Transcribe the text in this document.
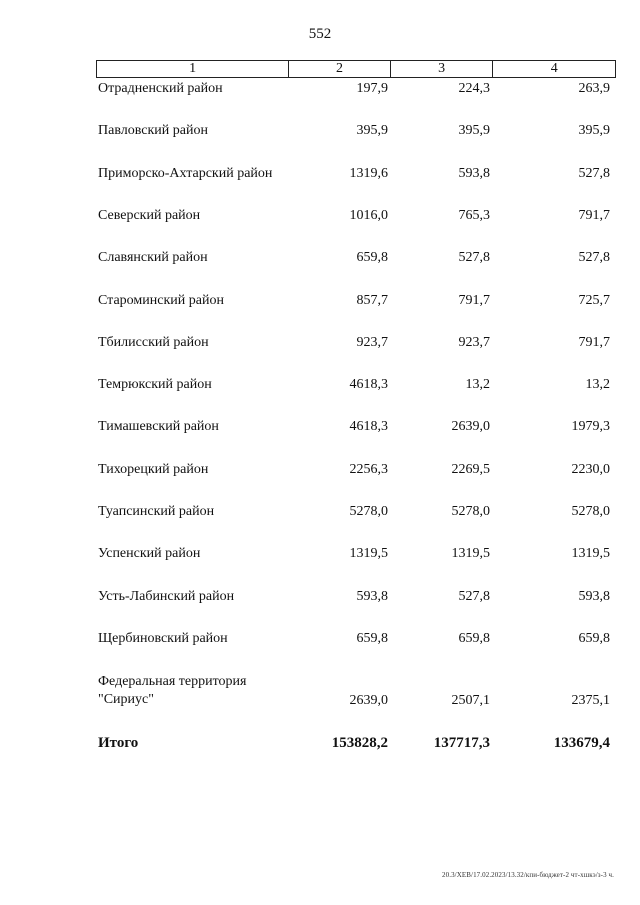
552
1	2	3	4
Отрадненский район	197,9	224,3	263,9
Павловский район	395,9	395,9	395,9
Приморско-Ахтарский район	1319,6	593,8	527,8
Северский район	1016,0	765,3	791,7
Славянский район	659,8	527,8	527,8
Староминский район	857,7	791,7	725,7
Тбилисский район	923,7	923,7	791,7
Темрюкский район	4618,3	13,2	13,2
Тимашевский район	4618,3	2639,0	1979,3
Тихорецкий район	2256,3	2269,5	2230,0
Туапсинский район	5278,0	5278,0	5278,0
Успенский район	1319,5	1319,5	1319,5
Усть-Лабинский район	593,8	527,8	593,8
Щербиновский район	659,8	659,8	659,8
Федеральная территория
"Сириус"	2639,0	2507,1	2375,1
Итого	153828,2	137717,3	133679,4
20.3/ХЕВ/17.02.2023/13.32/кпи-бюджет-2 чт-хшкэ/з-3 ч.
